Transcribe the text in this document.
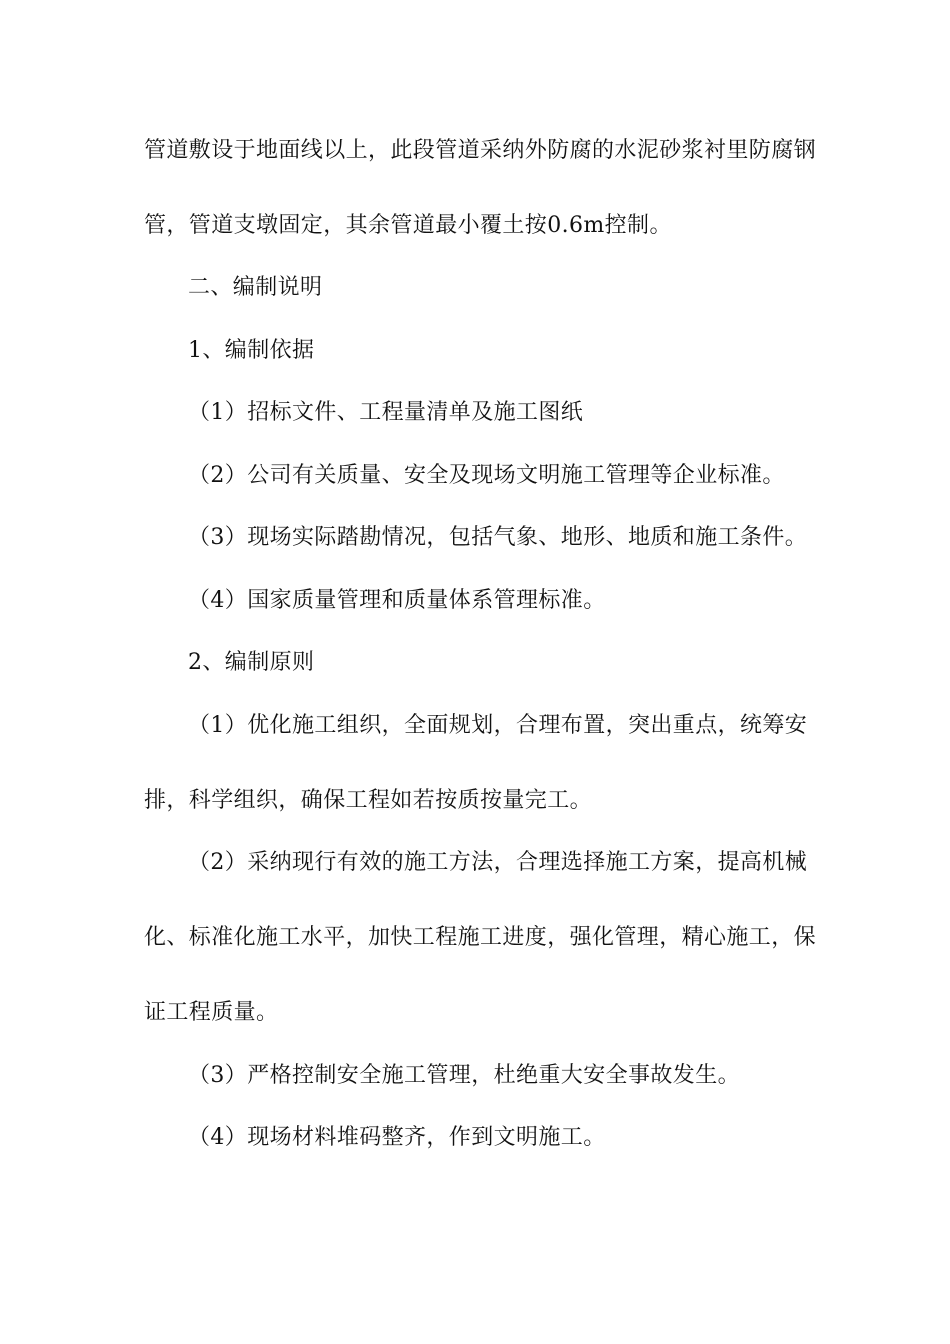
管道敷设于地面线以上，此段管道采纳外防腐的水泥砂浆衬里防腐钢
管，管道支墩固定，其余管道最小覆土按0.6m控制。
二、编制说明
1、编制依据
（1）招标文件、工程量清单及施工图纸
（2）公司有关质量、安全及现场文明施工管理等企业标准。
（3）现场实际踏勘情况，包括气象、地形、地质和施工条件。
（4）国家质量管理和质量体系管理标准。
2、编制原则
（1）优化施工组织，全面规划，合理布置，突出重点，统筹安
排，科学组织，确保工程如若按质按量完工。
（2）采纳现行有效的施工方法，合理选择施工方案，提高机械
化、标准化施工水平，加快工程施工进度，强化管理，精心施工，保
证工程质量。
（3）严格控制安全施工管理，杜绝重大安全事故发生。
（4）现场材料堆码整齐，作到文明施工。
